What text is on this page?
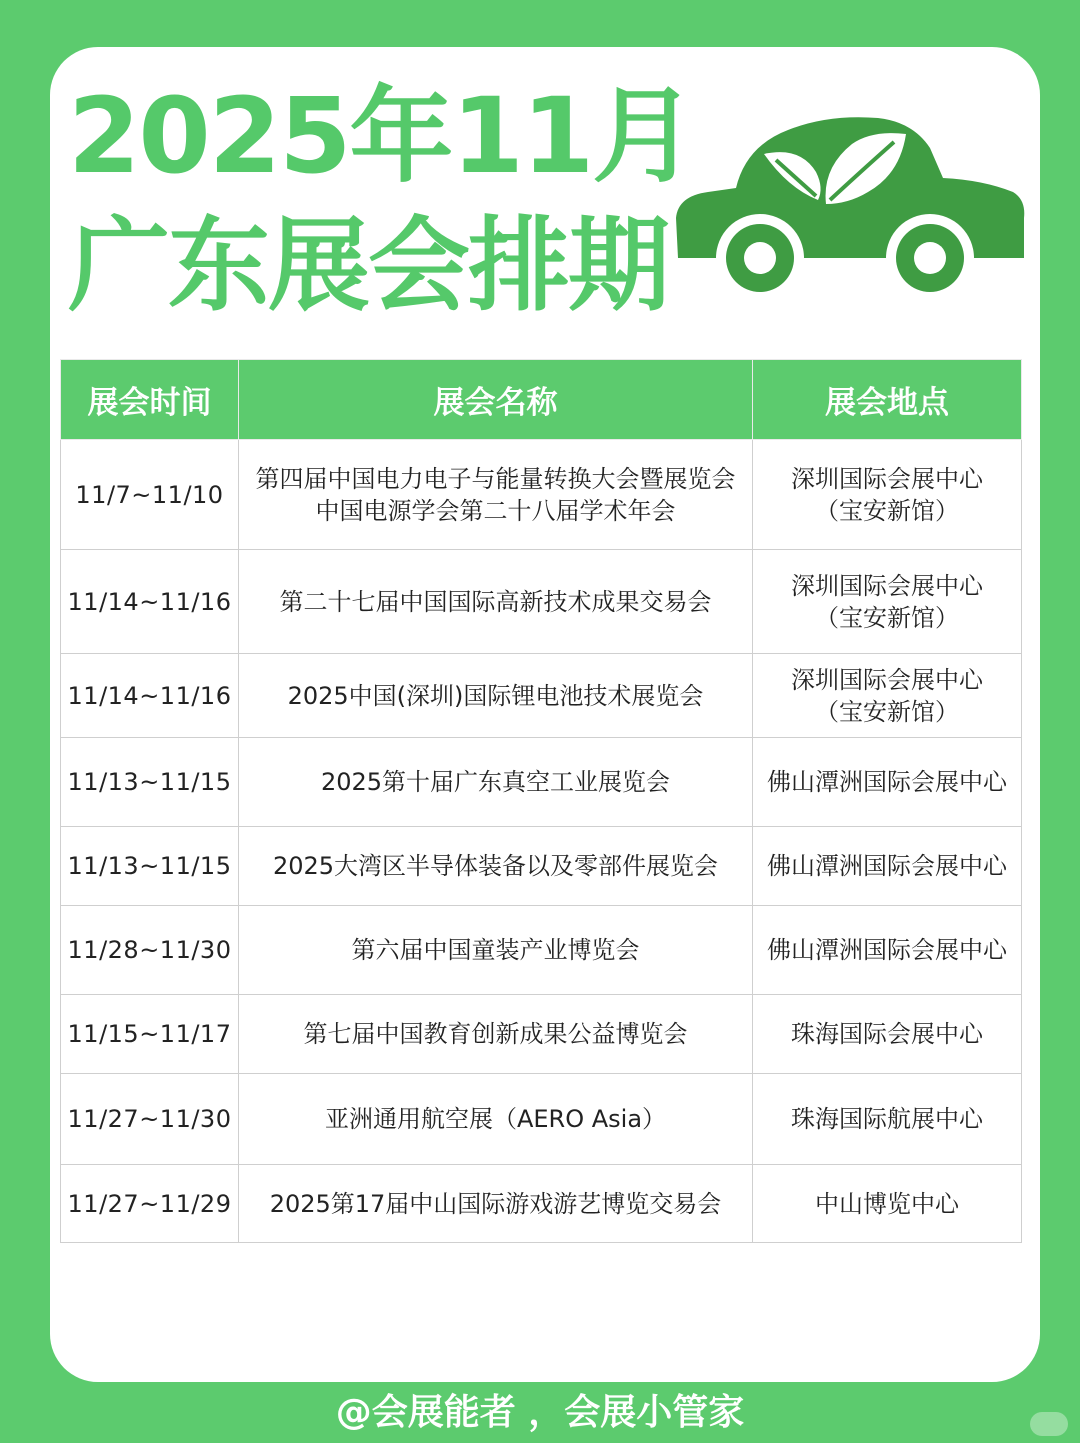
2025年11月
广东展会排期
展会时间	展会名称	展会地点
11/7~11/10	第四届中国电力电子与能量转换大会暨展览会中国电源学会第二十八届学术年会	深圳国际会展中心
（宝安新馆）

11/14~11/16	第二十七届中国国际高新技术成果交易会	深圳国际会展中心
（宝安新馆）

11/14~11/16	2025中国(深圳)国际锂电池技术展览会	深圳国际会展中心
（宝安新馆）

11/13~11/15	2025第十届广东真空工业展览会	佛山潭洲国际会展中心
11/13~11/15	2025大湾区半导体装备以及零部件展览会	佛山潭洲国际会展中心
11/28~11/30	第六届中国童装产业博览会	佛山潭洲国际会展中心
11/15~11/17	第七届中国教育创新成果公益博览会	珠海国际会展中心
11/27~11/30	亚洲通用航空展（AERO Asia）	珠海国际航展中心
11/27~11/29	2025第17届中山国际游戏游艺博览交易会	中山博览中心
@会展能者 ，会展小管家
